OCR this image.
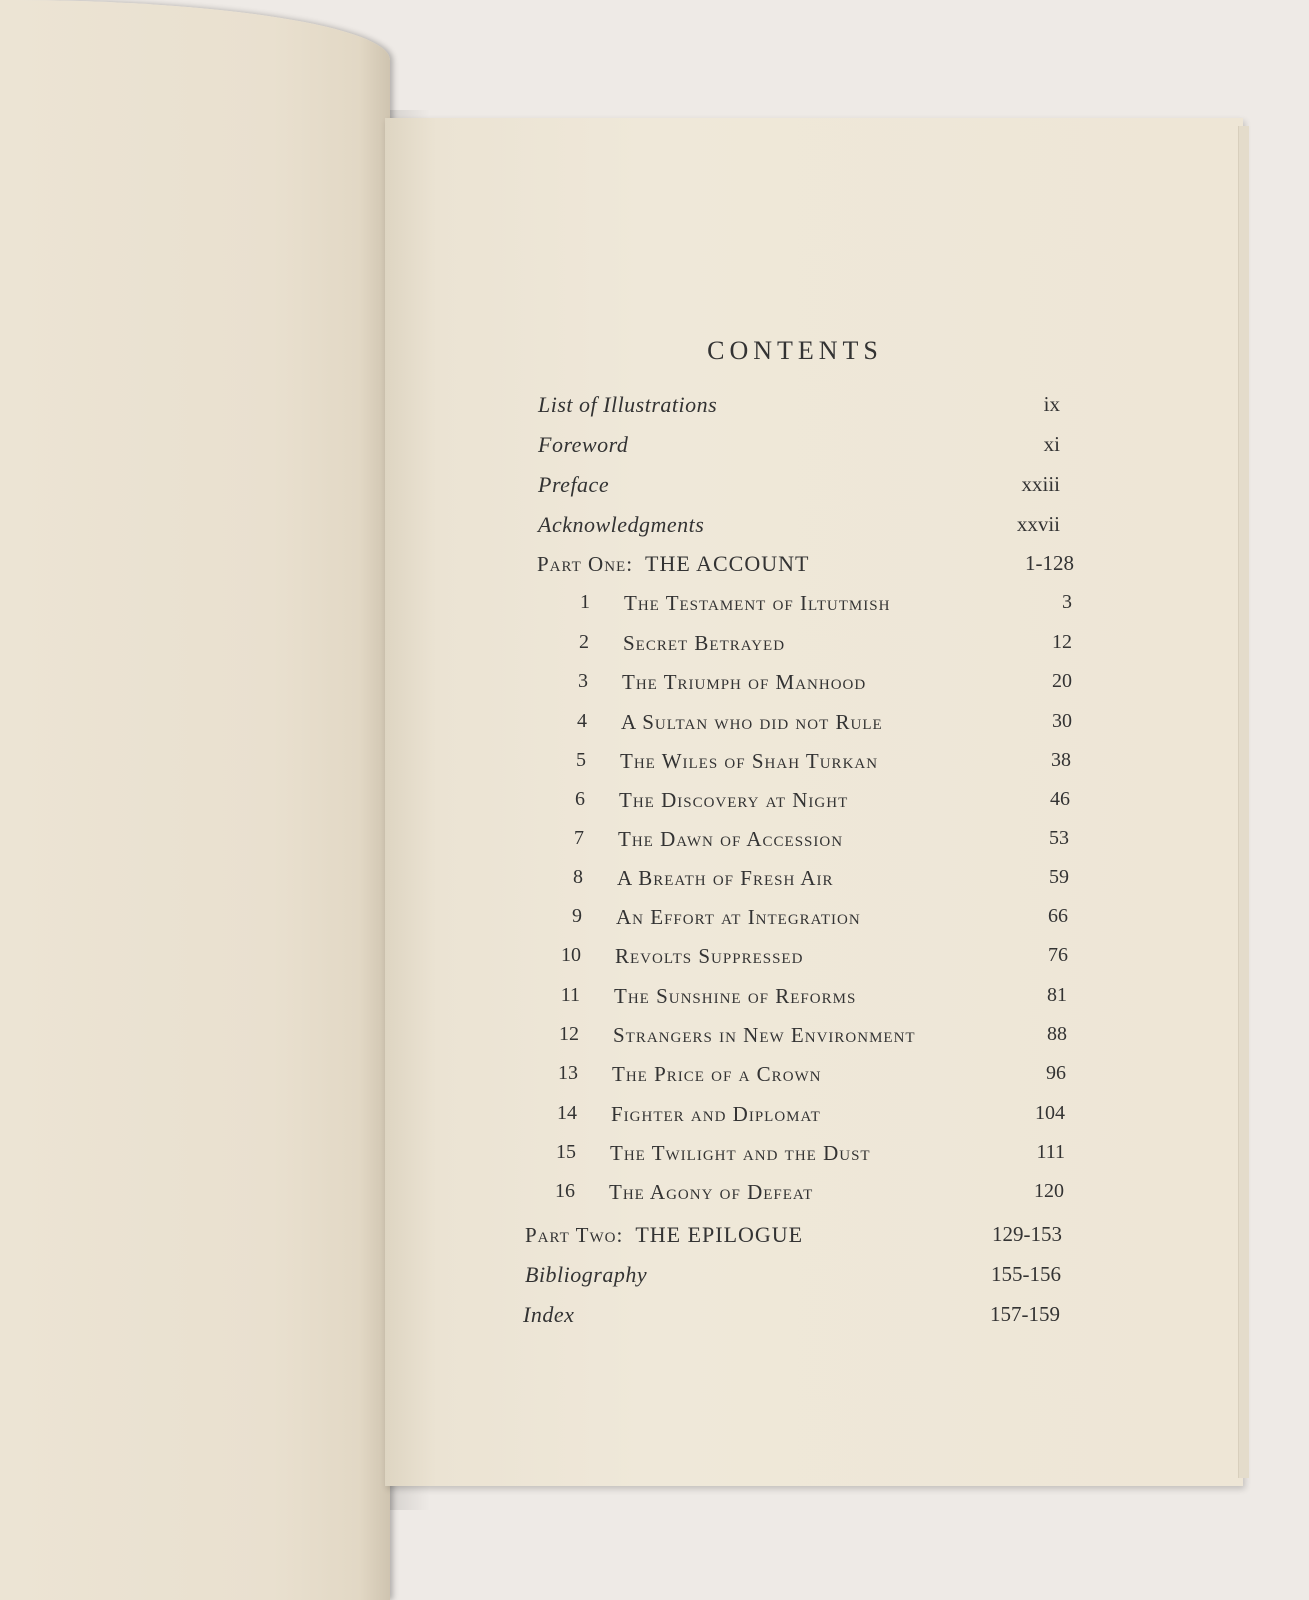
CONTENTS
List of Illustrations	ix
Foreword	xi
Preface	xxiii
Acknowledgments	xxvii
Part One: THE ACCOUNT	1-128
1 The Testament of Iltutmish	3
2 Secret Betrayed	12
3 The Triumph of Manhood	20
4 A Sultan who did not Rule	30
5 The Wiles of Shah Turkan	38
6 The Discovery at Night	46
7 The Dawn of Accession	53
8 A Breath of Fresh Air	59
9 An Effort at Integration	66
10 Revolts Suppressed	76
11 The Sunshine of Reforms	81
12 Strangers in New Environment	88
13 The Price of a Crown	96
14 Fighter and Diplomat	104
15 The Twilight and the Dust	111
16 The Agony of Defeat	120
Part Two: THE EPILOGUE	129-153
Bibliography	155-156
Index	157-159
